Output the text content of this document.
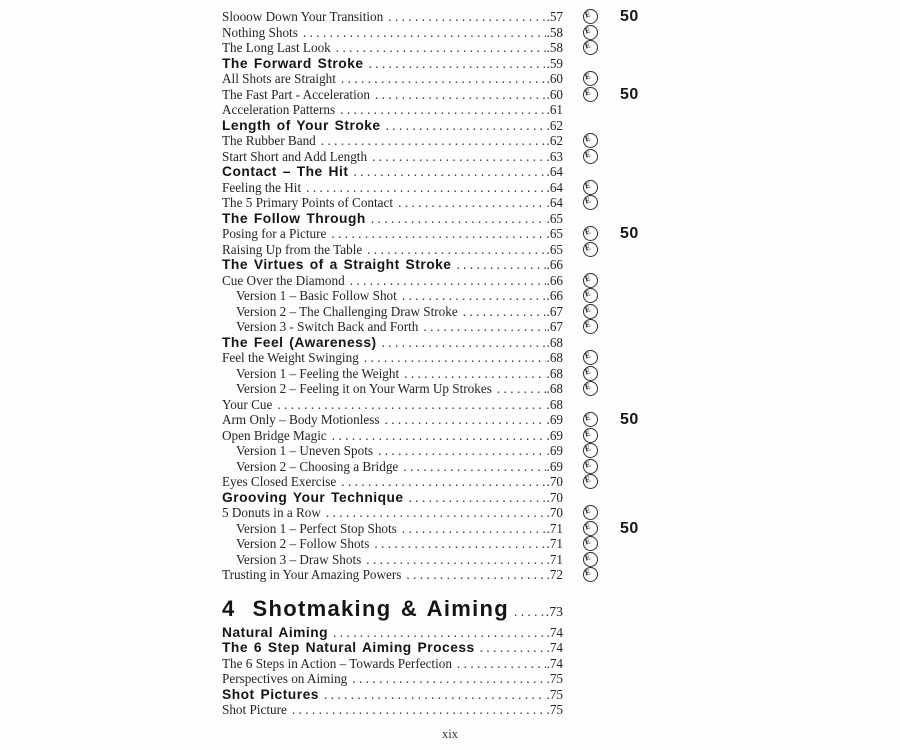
Slooow Down Your Transition .....	. 57	E 50
Nothing Shots .....	. 58	E
The Long Last Look .....	. 58	E
The Forward Stroke .....	. 59
All Shots are Straight .....	. 60	E
The Fast Part - Acceleration .....	. 60	E 50
Acceleration Patterns .....	. 61
Length of Your Stroke .....	. 62
The Rubber Band .....	. 62	E
Start Short and Add Length .....	. 63	E
Contact – The Hit .....	. 64
Feeling the Hit .....	. 64	E
The 5 Primary Points of Contact .....	. 64	E
The Follow Through .....	. 65
Posing for a Picture .....	. 65	E 50
Raising Up from the Table .....	. 65	E
The Virtues of a Straight Stroke .....	. 66
Cue Over the Diamond .....	. 66	E
Version 1 – Basic Follow Shot .....	. 66	E
Version 2 – The Challenging Draw Stroke .....	. 67	E
Version 3 - Switch Back and Forth .....	. 67	E
The Feel (Awareness) .....	. 68
Feel the Weight Swinging .....	. 68	E
Version 1 – Feeling the Weight .....	. 68	E
Version 2 – Feeling it on Your Warm Up Strokes .....	. 68	E
Your Cue .....	. 68
Arm Only – Body Motionless .....	. 69	E 50
Open Bridge Magic .....	. 69	E
Version 1 – Uneven Spots .....	. 69	E
Version 2 – Choosing a Bridge .....	. 69	E
Eyes Closed Exercise .....	. 70	E
Grooving Your Technique .....	. 70
5 Donuts in a Row .....	. 70	E
Version 1 – Perfect Stop Shots .....	. 71	E 50
Version 2 – Follow Shots .....	. 71	E
Version 3 – Draw Shots .....	. 71	E
Trusting in Your Amazing Powers .....	. 72	E
4 Shotmaking & Aiming .....	. 73
Natural Aiming .....	. 74
The 6 Step Natural Aiming Process .....	. 74
The 6 Steps in Action – Towards Perfection .....	. 74
Perspectives on Aiming .....	. 75
Shot Pictures .....	. 75
Shot Picture .....	. 75
xix
